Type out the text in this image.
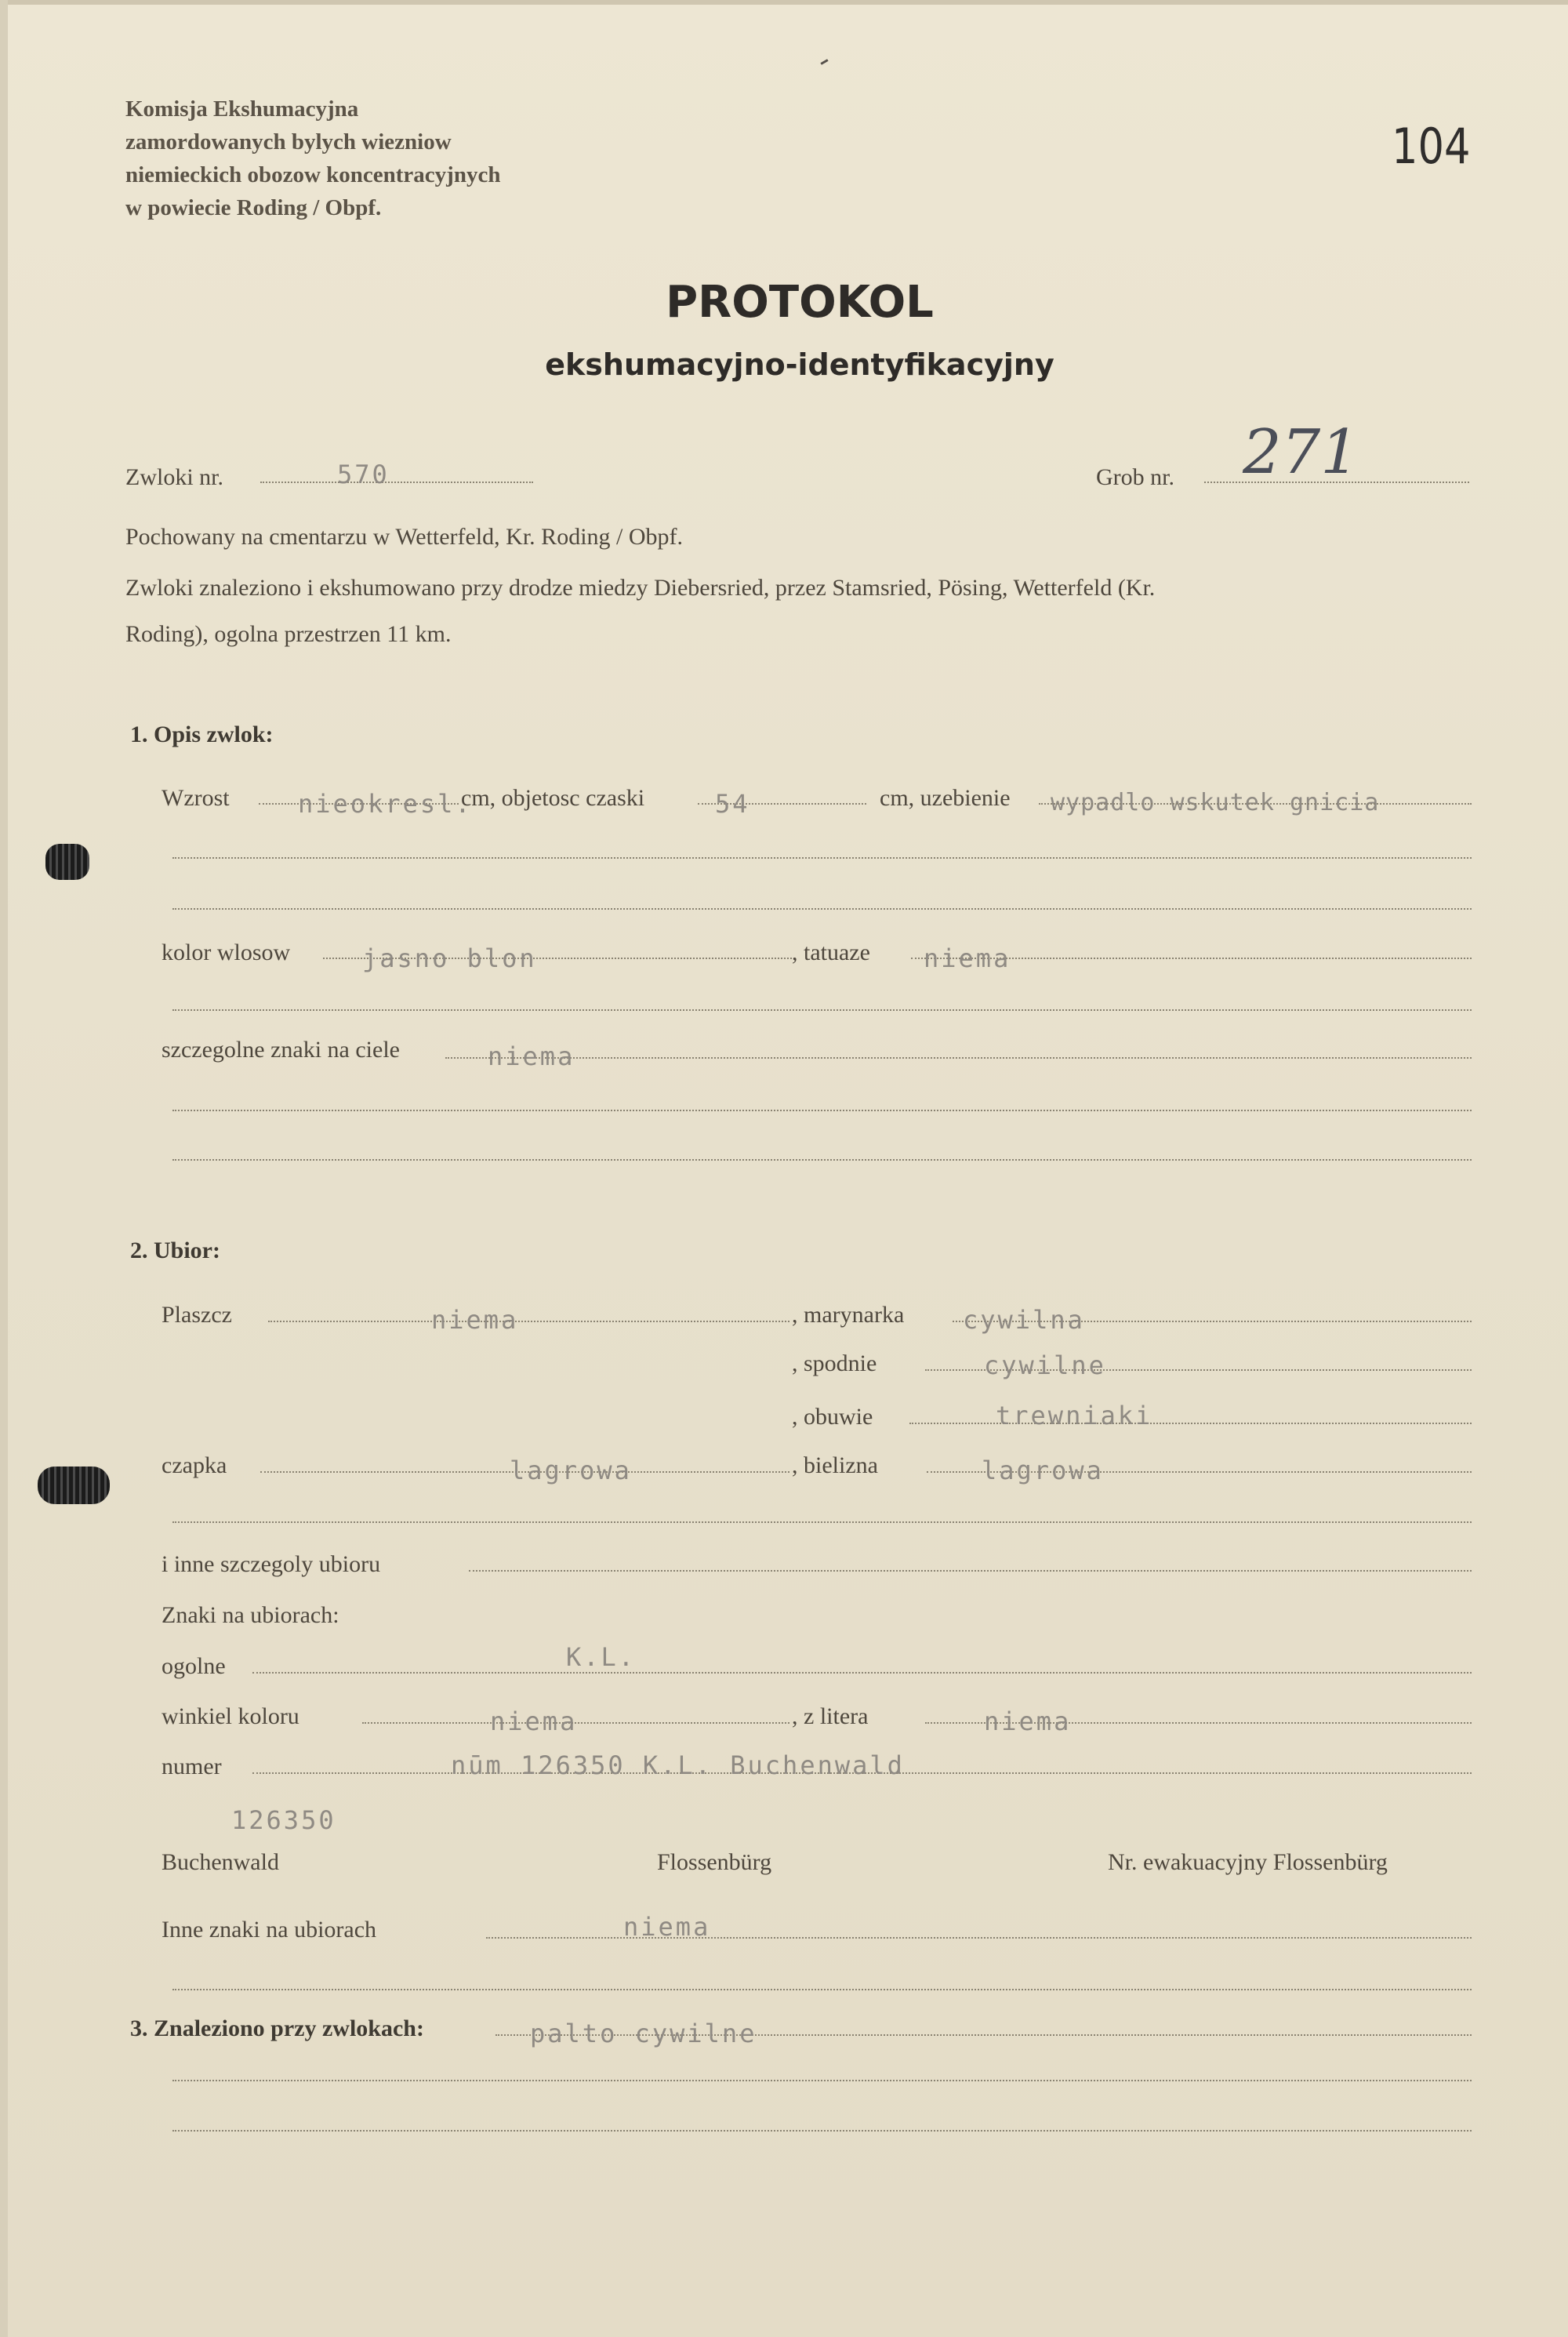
Komisja Ekshumacyjna
zamordowanych bylych wiezniow
niemieckich obozow koncentracyjnych
w powiecie Roding / Obpf.
104
PROTOKOL
ekshumacyjno-identyfikacyjny
Zwloki nr.	570	Grob nr. 271
Pochowany na cmentarzu w Wetterfeld, Kr. Roding / Obpf.
Zwloki znaleziono i ekshumowano przy drodze miedzy Diebersried, przez Stamsried, Pösing, Wetterfeld (Kr.
Roding), ogolna przestrzen 11 km.
1. Opis zwlok:
Wzrost	nieokresl.
cm, objetosc czaski	54	cm, uzebienie wypadlo wskutek gnicia
kolor wlosow	jasno blon	, tatuaze niema
szczegolne znaki na ciele	niema
2. Ubior:
Plaszcz	niema	, marynarka cywilna
, spodnie	cywilne
, obuwie	trewniaki
czapka	lagrowa	, bielizna	lagrowa
i inne szczegoly ubioru
Znaki na ubiorach:
ogolne	K.L.
winkiel koloru	niema	, z litera	niema
numer	nūm 126350 K.L. Buchenwald
126350
Buchenwald	Flossenbürg	Nr. ewakuacyjny Flossenbürg
Inne znaki na ubiorach	niema
3. Znaleziono przy zwlokach:	palto cywilne
